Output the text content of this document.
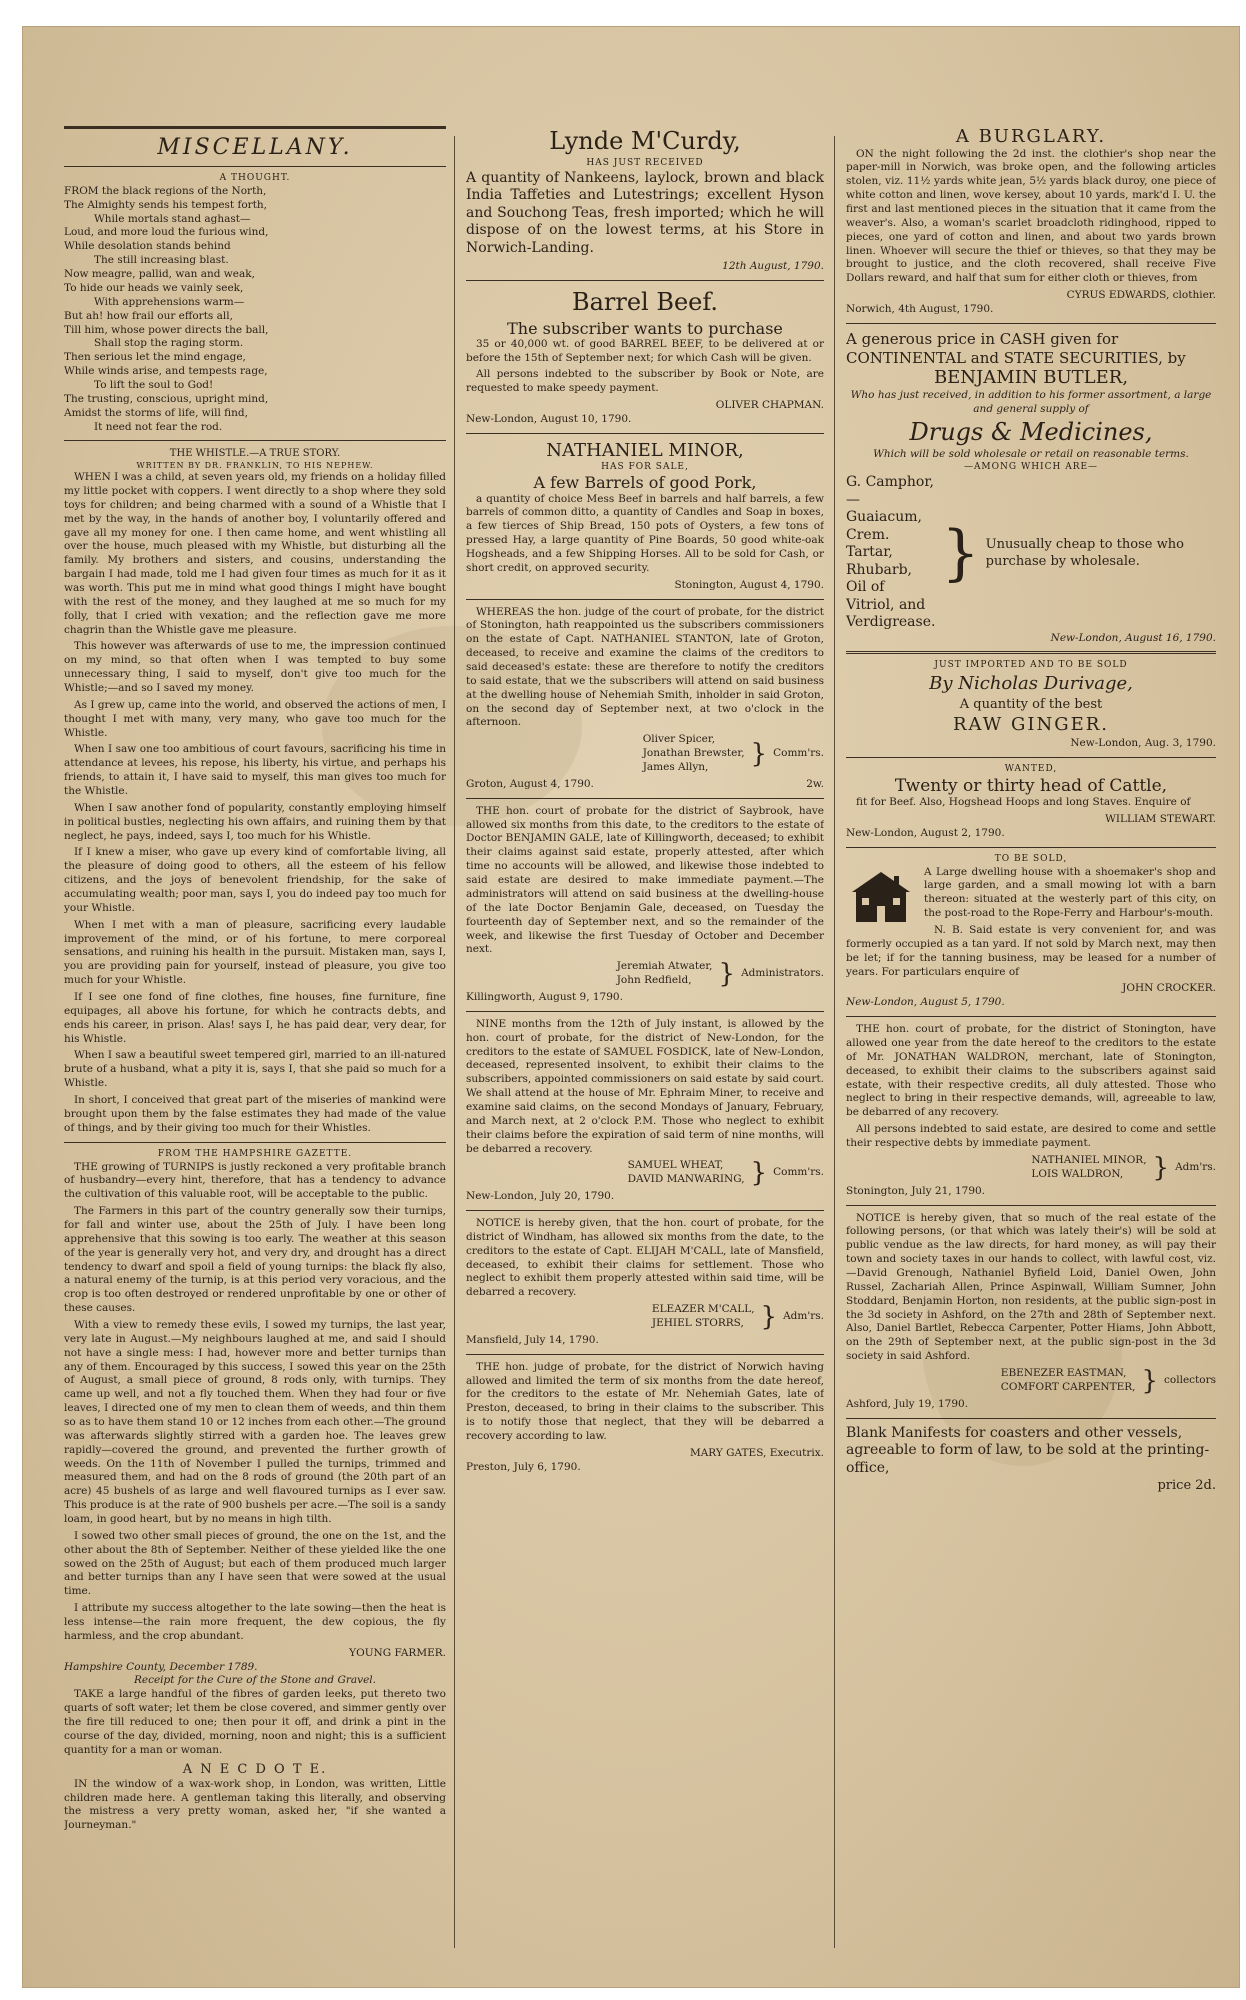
MISCELLANY.
A THOUGHT.

FROM the black regions of the North,

The Almighty sends his tempest forth,

While mortals stand aghast—

Loud, and more loud the furious wind,

While desolation stands behind

The still increasing blast.

Now meagre, pallid, wan and weak,

To hide our heads we vainly seek,

With apprehensions warm—

But ah! how frail our efforts all,

Till him, whose power directs the ball,

Shall stop the raging storm.

Then serious let the mind engage,

While winds arise, and tempests rage,

To lift the soul to God!

The trusting, conscious, upright mind,

Amidst the storms of life, will find,

It need not fear the rod.

THE WHISTLE.—A TRUE STORY.
WRITTEN BY DR. FRANKLIN, TO HIS NEPHEW.

WHEN I was a child, at seven years old, my friends on a holiday filled my little pocket with coppers. I went directly to a shop where they sold toys for children; and being charmed with a sound of a Whistle that I met by the way, in the hands of another boy, I voluntarily offered and gave all my money for one. I then came home, and went whistling all over the house, much pleased with my Whistle, but disturbing all the family. My brothers and sisters, and cousins, understanding the bargain I had made, told me I had given four times as much for it as it was worth. This put me in mind what good things I might have bought with the rest of the money, and they laughed at me so much for my folly, that I cried with vexation; and the reflection gave me more chagrin than the Whistle gave me pleasure.

This however was afterwards of use to me, the impression continued on my mind, so that often when I was tempted to buy some unnecessary thing, I said to myself, don't give too much for the Whistle;—and so I saved my money.

As I grew up, came into the world, and observed the actions of men, I thought I met with many, very many, who gave too much for the Whistle.

When I saw one too ambitious of court favours, sacrificing his time in attendance at levees, his repose, his liberty, his virtue, and perhaps his friends, to attain it, I have said to myself, this man gives too much for the Whistle.

When I saw another fond of popularity, constantly employing himself in political bustles, neglecting his own affairs, and ruining them by that neglect, he pays, indeed, says I, too much for his Whistle.

If I knew a miser, who gave up every kind of comfortable living, all the pleasure of doing good to others, all the esteem of his fellow citizens, and the joys of benevolent friendship, for the sake of accumulating wealth; poor man, says I, you do indeed pay too much for your Whistle.

When I met with a man of pleasure, sacrificing every laudable improvement of the mind, or of his fortune, to mere corporeal sensations, and ruining his health in the pursuit. Mistaken man, says I, you are providing pain for yourself, instead of pleasure, you give too much for your Whistle.

If I see one fond of fine clothes, fine houses, fine furniture, fine equipages, all above his fortune, for which he contracts debts, and ends his career, in prison. Alas! says I, he has paid dear, very dear, for his Whistle.

When I saw a beautiful sweet tempered girl, married to an ill-natured brute of a husband, what a pity it is, says I, that she paid so much for a Whistle.

In short, I conceived that great part of the miseries of mankind were brought upon them by the false estimates they had made of the value of things, and by their giving too much for their Whistles.

FROM THE HAMPSHIRE GAZETTE.

THE growing of TURNIPS is justly reckoned a very profitable branch of husbandry—every hint, therefore, that has a tendency to advance the cultivation of this valuable root, will be acceptable to the public.

The Farmers in this part of the country generally sow their turnips, for fall and winter use, about the 25th of July. I have been long apprehensive that this sowing is too early. The weather at this season of the year is generally very hot, and very dry, and drought has a direct tendency to dwarf and spoil a field of young turnips: the black fly also, a natural enemy of the turnip, is at this period very voracious, and the crop is too often destroyed or rendered unprofitable by one or other of these causes.

With a view to remedy these evils, I sowed my turnips, the last year, very late in August.—My neighbours laughed at me, and said I should not have a single mess: I had, however more and better turnips than any of them. Encouraged by this success, I sowed this year on the 25th of August, a small piece of ground, 8 rods only, with turnips. They came up well, and not a fly touched them. When they had four or five leaves, I directed one of my men to clean them of weeds, and thin them so as to have them stand 10 or 12 inches from each other.—The ground was afterwards slightly stirred with a garden hoe. The leaves grew rapidly—covered the ground, and prevented the further growth of weeds. On the 11th of November I pulled the turnips, trimmed and measured them, and had on the 8 rods of ground (the 20th part of an acre) 45 bushels of as large and well flavoured turnips as I ever saw. This produce is at the rate of 900 bushels per acre.—The soil is a sandy loam, in good heart, but by no means in high tilth.

I sowed two other small pieces of ground, the one on the 1st, and the other about the 8th of September. Neither of these yielded like the one sowed on the 25th of August; but each of them produced much larger and better turnips than any I have seen that were sowed at the usual time.

I attribute my success altogether to the late sowing—then the heat is less intense—the rain more frequent, the dew copious, the fly harmless, and the crop abundant.

YOUNG FARMER.
Hampshire County, December 1789.
Receipt for the Cure of the Stone and Gravel.

TAKE a large handful of the fibres of garden leeks, put thereto two quarts of soft water; let them be close covered, and simmer gently over the fire till reduced to one; then pour it off, and drink a pint in the course of the day, divided, morning, noon and night; this is a sufficient quantity for a man or woman.

A N E C D O T E.

IN the window of a wax-work shop, in London, was written, Little children made here. A gentleman taking this literally, and observing the mistress a very pretty woman, asked her, "if she wanted a Journeyman."

Lynde M'Curdy,
HAS JUST RECEIVED

A quantity of Nankeens, laylock, brown and black India Taffeties and Lutestrings; excellent Hyson and Souchong Teas, fresh imported; which he will dispose of on the lowest terms, at his Store in Norwich-Landing.

12th August, 1790.
Barrel Beef.
The subscriber wants to purchase

35 or 40,000 wt. of good BARREL BEEF, to be delivered at or before the 15th of September next; for which Cash will be given.

All persons indebted to the subscriber by Book or Note, are requested to make speedy payment.

OLIVER CHAPMAN.
New-London, August 10, 1790.
NATHANIEL MINOR,
HAS FOR SALE,
A few Barrels of good Pork,

a quantity of choice Mess Beef in barrels and half barrels, a few barrels of common ditto, a quantity of Candles and Soap in boxes, a few tierces of Ship Bread, 150 pots of Oysters, a few tons of pressed Hay, a large quantity of Pine Boards, 50 good white-oak Hogsheads, and a few Shipping Horses. All to be sold for Cash, or short credit, on approved security.

Stonington, August 4, 1790.

WHEREAS the hon. judge of the court of probate, for the district of Stonington, hath reappointed us the subscribers commissioners on the estate of Capt. NATHANIEL STANTON, late of Groton, deceased, to receive and examine the claims of the creditors to said deceased's estate: these are therefore to notify the creditors to said estate, that we the subscribers will attend on said business at the dwelling house of Nehemiah Smith, inholder in said Groton, on the second day of September next, at two o'clock in the afternoon.

Oliver Spicer,
Jonathan Brewster,
James Allyn,	} Comm'rs.
Groton, August 4, 1790.	2w.

THE hon. court of probate for the district of Saybrook, have allowed six months from this date, to the creditors to the estate of Doctor BENJAMIN GALE, late of Killingworth, deceased; to exhibit their claims against said estate, properly attested, after which time no accounts will be allowed, and likewise those indebted to said estate are desired to make immediate payment.—The administrators will attend on said business at the dwelling-house of the late Doctor Benjamin Gale, deceased, on Tuesday the fourteenth day of September next, and so the remainder of the week, and likewise the first Tuesday of October and December next.

Jeremiah Atwater,
John Redfield,	} Administrators.
Killingworth, August 9, 1790.

NINE months from the 12th of July instant, is allowed by the hon. court of probate, for the district of New-London, for the creditors to the estate of SAMUEL FOSDICK, late of New-London, deceased, represented insolvent, to exhibit their claims to the subscribers, appointed commissioners on said estate by said court. We shall attend at the house of Mr. Ephraim Miner, to receive and examine said claims, on the second Mondays of January, February, and March next, at 2 o'clock P.M. Those who neglect to exhibit their claims before the expiration of said term of nine months, will be debarred a recovery.

SAMUEL WHEAT,
DAVID MANWARING, } Comm'rs.
New-London, July 20, 1790.

NOTICE is hereby given, that the hon. court of probate, for the district of Windham, has allowed six months from the date, to the creditors to the estate of Capt. ELIJAH M'CALL, late of Mansfield, deceased, to exhibit their claims for settlement. Those who neglect to exhibit them properly attested within said time, will be debarred a recovery.

ELEAZER M'CALL,
JEHIEL STORRS, } Adm'rs.
Mansfield, July 14, 1790.

THE hon. judge of probate, for the district of Norwich having allowed and limited the term of six months from the date hereof, for the creditors to the estate of Mr. Nehemiah Gates, late of Preston, deceased, to bring in their claims to the subscriber. This is to notify those that neglect, that they will be debarred a recovery according to law.

MARY GATES, Executrix.
Preston, July 6, 1790.
A BURGLARY.

ON the night following the 2d inst. the clothier's shop near the paper-mill in Norwich, was broke open, and the following articles stolen, viz. 11½ yards white jean, 5½ yards black duroy, one piece of white cotton and linen, wove kersey, about 10 yards, mark'd I. U. the first and last mentioned pieces in the situation that it came from the weaver's. Also, a woman's scarlet broadcloth ridinghood, ripped to pieces, one yard of cotton and linen, and about two yards brown linen. Whoever will secure the thief or thieves, so that they may be brought to justice, and the cloth recovered, shall receive Five Dollars reward, and half that sum for either cloth or thieves, from

CYRUS EDWARDS, clothier.
Norwich, 4th August, 1790.
A generous price in CASH given for CONTINENTAL and STATE SECURITIES, by
BENJAMIN BUTLER,
Who has just received, in addition to his former assortment, a large and general supply of
Drugs & Medicines,
Which will be sold wholesale or retail on reasonable terms.
—AMONG WHICH ARE—
G. Camphor,
— Guaiacum,
Crem. Tartar,
Rhubarb,
Oil of Vitriol, and
Verdigrease.
} Unusually cheap to those who purchase by wholesale.
New-London, August 16, 1790.
JUST IMPORTED AND TO BE SOLD
By Nicholas Durivage,
A quantity of the best
RAW GINGER.
New-London, Aug. 3, 1790.
WANTED,
Twenty or thirty head of Cattle,

fit for Beef. Also, Hogshead Hoops and long Staves. Enquire of

WILLIAM STEWART.
New-London, August 2, 1790.
TO BE SOLD,

A Large dwelling house with a shoemaker's shop and large garden, and a small mowing lot with a barn thereon: situated at the westerly part of this city, on the post-road to the Rope-Ferry and Harbour's-mouth.

N. B. Said estate is very convenient for, and was formerly occupied as a tan yard. If not sold by March next, may then be let; if for the tanning business, may be leased for a number of years. For particulars enquire of

JOHN CROCKER.
New-London, August 5, 1790.

THE hon. court of probate, for the district of Stonington, have allowed one year from the date hereof to the creditors to the estate of Mr. JONATHAN WALDRON, merchant, late of Stonington, deceased, to exhibit their claims to the subscribers against said estate, with their respective credits, all duly attested. Those who neglect to bring in their respective demands, will, agreeable to law, be debarred of any recovery.

All persons indebted to said estate, are desired to come and settle their respective debts by immediate payment.

NATHANIEL MINOR,
LOIS WALDRON,	} Adm'rs.
Stonington, July 21, 1790.

NOTICE is hereby given, that so much of the real estate of the following persons, (or that which was lately their's) will be sold at public vendue as the law directs, for hard money, as will pay their town and society taxes in our hands to collect, with lawful cost, viz.—David Grenough, Nathaniel Byfield Loid, Daniel Owen, John Russel, Zachariah Allen, Prince Aspinwall, William Sumner, John Stoddard, Benjamin Horton, non residents, at the public sign-post in the 3d society in Ashford, on the 27th and 28th of September next. Also, Daniel Bartlet, Rebecca Carpenter, Potter Hiams, John Abbott, on the 29th of September next, at the public sign-post in the 3d society in said Ashford.

EBENEZER EASTMAN,
COMFORT CARPENTER, } collectors
Ashford, July 19, 1790.
Blank Manifests for coasters and other vessels, agreeable to form of law, to be sold at the printing-office,
price 2d.
